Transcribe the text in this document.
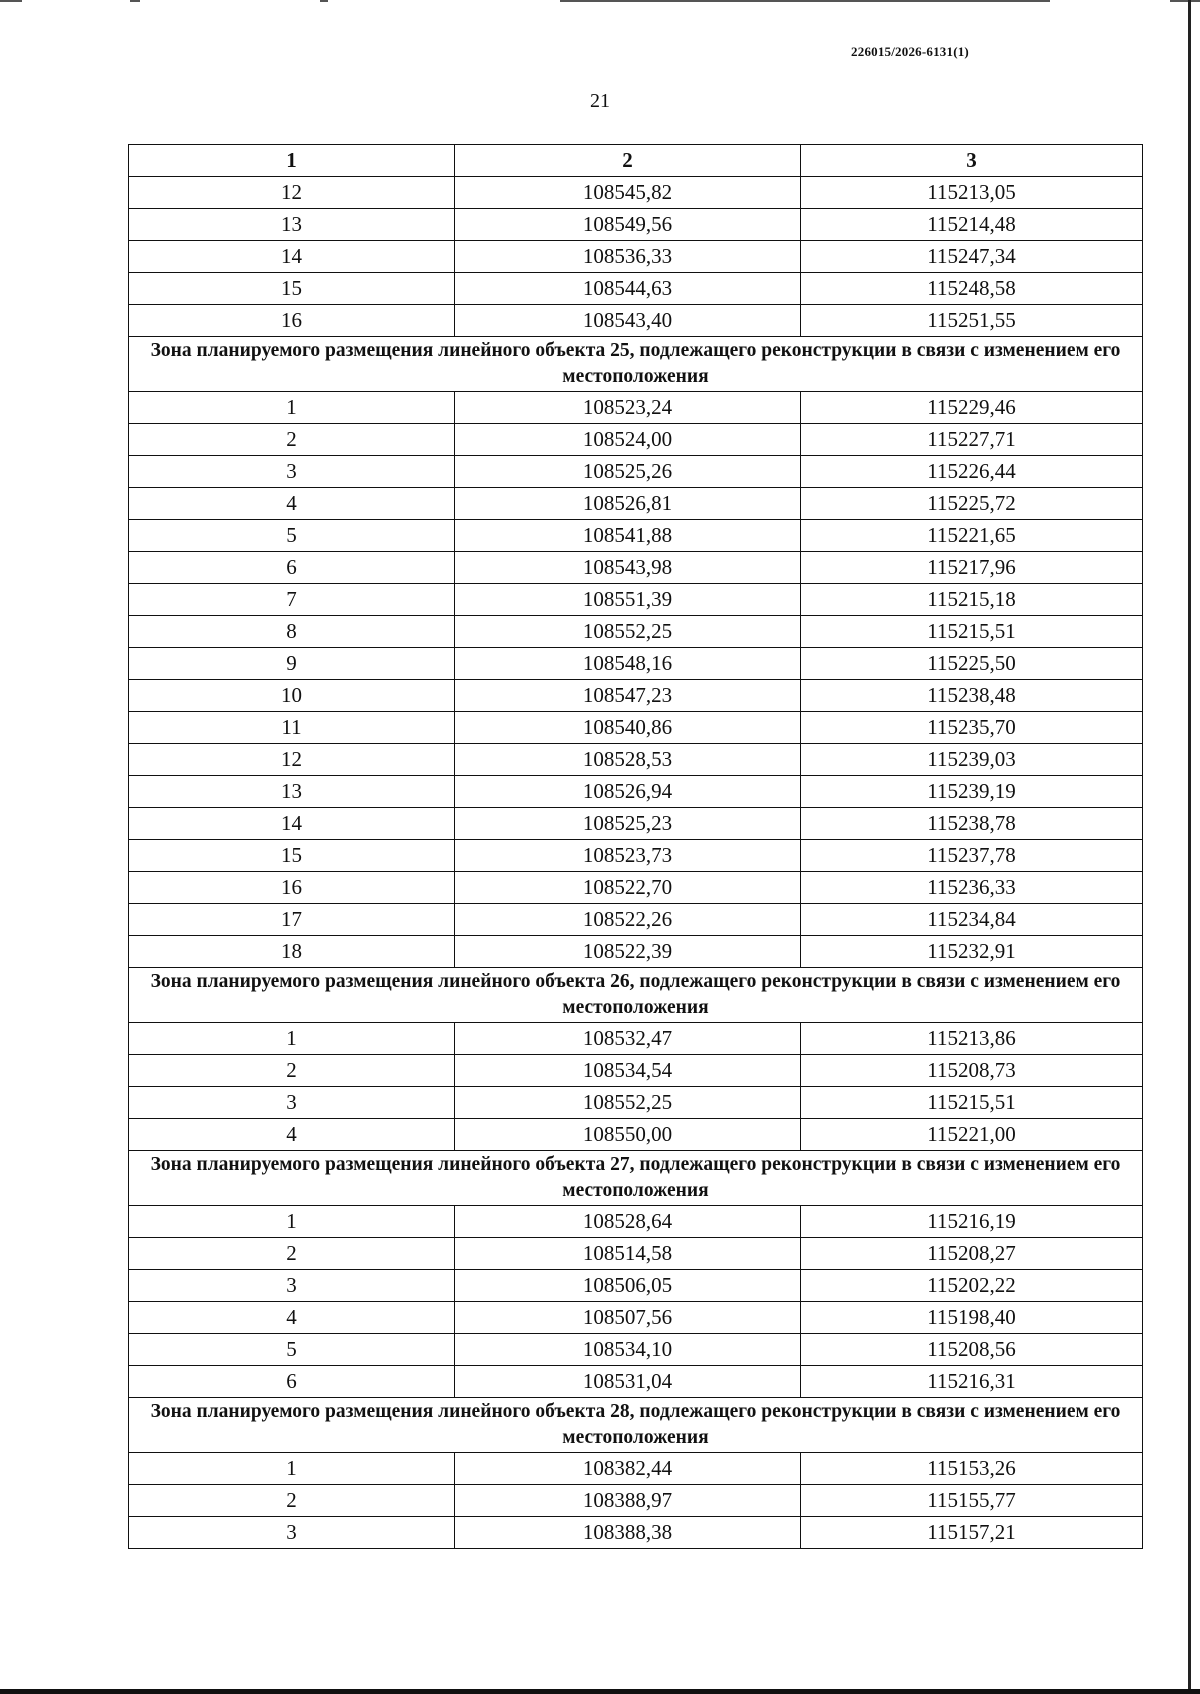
226015/2026-6131(1)
21
1	2	3
12	108545,82	115213,05
13	108549,56	115214,48
14	108536,33	115247,34
15	108544,63	115248,58
16	108543,40	115251,55
Зона планируемого размещения линейного объекта 25, подлежащего реконструкции в связи с изменением его местоположения		
1	108523,24	115229,46
2	108524,00	115227,71
3	108525,26	115226,44
4	108526,81	115225,72
5	108541,88	115221,65
6	108543,98	115217,96
7	108551,39	115215,18
8	108552,25	115215,51
9	108548,16	115225,50
10	108547,23	115238,48
11	108540,86	115235,70
12	108528,53	115239,03
13	108526,94	115239,19
14	108525,23	115238,78
15	108523,73	115237,78
16	108522,70	115236,33
17	108522,26	115234,84
18	108522,39	115232,91
Зона планируемого размещения линейного объекта 26, подлежащего реконструкции в связи с изменением его местоположения		
1	108532,47	115213,86
2	108534,54	115208,73
3	108552,25	115215,51
4	108550,00	115221,00
Зона планируемого размещения линейного объекта 27, подлежащего реконструкции в связи с изменением его местоположения		
1	108528,64	115216,19
2	108514,58	115208,27
3	108506,05	115202,22
4	108507,56	115198,40
5	108534,10	115208,56
6	108531,04	115216,31
Зона планируемого размещения линейного объекта 28, подлежащего реконструкции в связи с изменением его местоположения		
1	108382,44	115153,26
2	108388,97	115155,77
3	108388,38	115157,21
